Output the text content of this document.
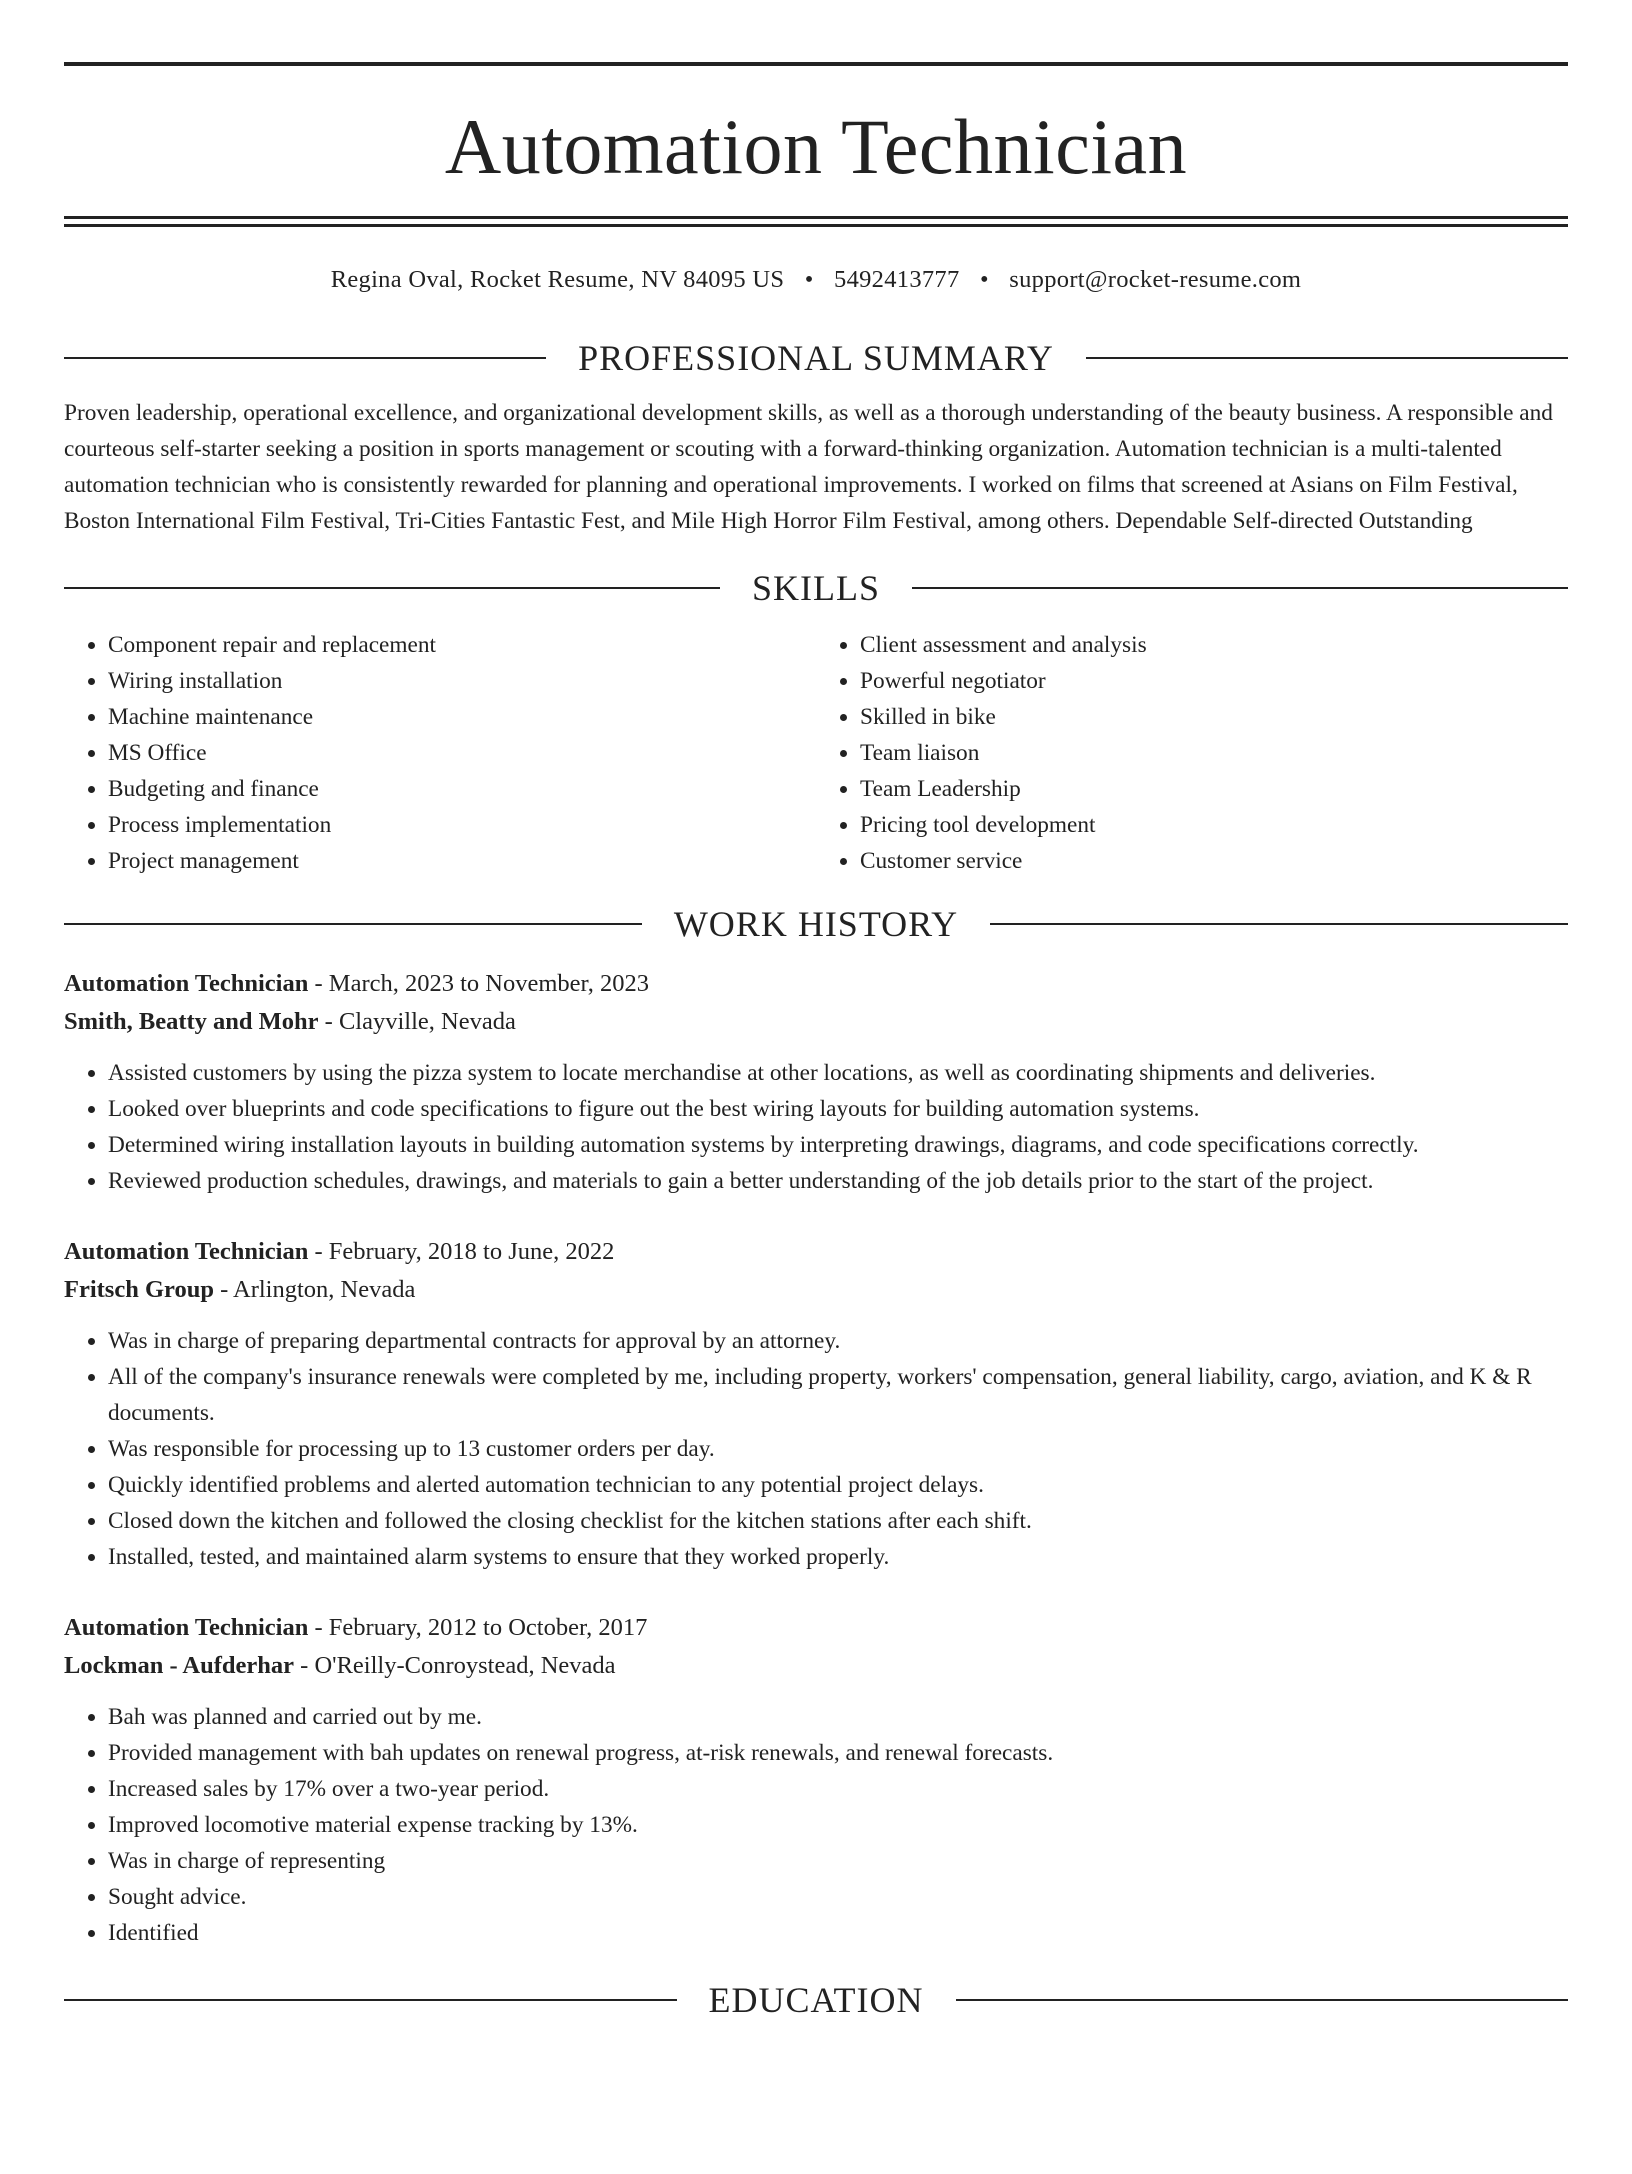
Automation Technician
Regina Oval, Rocket Resume, NV 84095 US • 5492413777 • support@rocket-resume.com
PROFESSIONAL SUMMARY

Proven leadership, operational excellence, and organizational development skills, as well as a thorough understanding of the beauty business. A responsible and courteous self-starter seeking a position in sports management or scouting with a forward-thinking organization. Automation technician is a multi-talented automation technician who is consistently rewarded for planning and operational improvements. I worked on films that screened at Asians on Film Festival, Boston International Film Festival, Tri-Cities Fantastic Fest, and Mile High Horror Film Festival, among others. Dependable Self-directed Outstanding

SKILLS
• Component repair and replacement
• Wiring installation
• Machine maintenance
• MS Office
• Budgeting and finance
• Process implementation
• Project management
• Client assessment and analysis
• Powerful negotiator
• Skilled in bike
• Team liaison
• Team Leadership
• Pricing tool development
• Customer service
WORK HISTORY
Automation Technician - March, 2023 to November, 2023
Smith, Beatty and Mohr - Clayville, Nevada
• Assisted customers by using the pizza system to locate merchandise at other locations, as well as coordinating shipments and deliveries.
• Looked over blueprints and code specifications to figure out the best wiring layouts for building automation systems.
• Determined wiring installation layouts in building automation systems by interpreting drawings, diagrams, and code specifications correctly.
• Reviewed production schedules, drawings, and materials to gain a better understanding of the job details prior to the start of the project.
Automation Technician - February, 2018 to June, 2022
Fritsch Group - Arlington, Nevada
• Was in charge of preparing departmental contracts for approval by an attorney.
• All of the company's insurance renewals were completed by me, including property, workers' compensation, general liability, cargo, aviation, and K & R documents.
• Was responsible for processing up to 13 customer orders per day.
• Quickly identified problems and alerted automation technician to any potential project delays.
• Closed down the kitchen and followed the closing checklist for the kitchen stations after each shift.
• Installed, tested, and maintained alarm systems to ensure that they worked properly.
Automation Technician - February, 2012 to October, 2017
Lockman - Aufderhar - O'Reilly-Conroystead, Nevada
• Bah was planned and carried out by me.
• Provided management with bah updates on renewal progress, at-risk renewals, and renewal forecasts.
• Increased sales by 17% over a two-year period.
• Improved locomotive material expense tracking by 13%.
• Was in charge of representing
• Sought advice.
• Identified
EDUCATION
